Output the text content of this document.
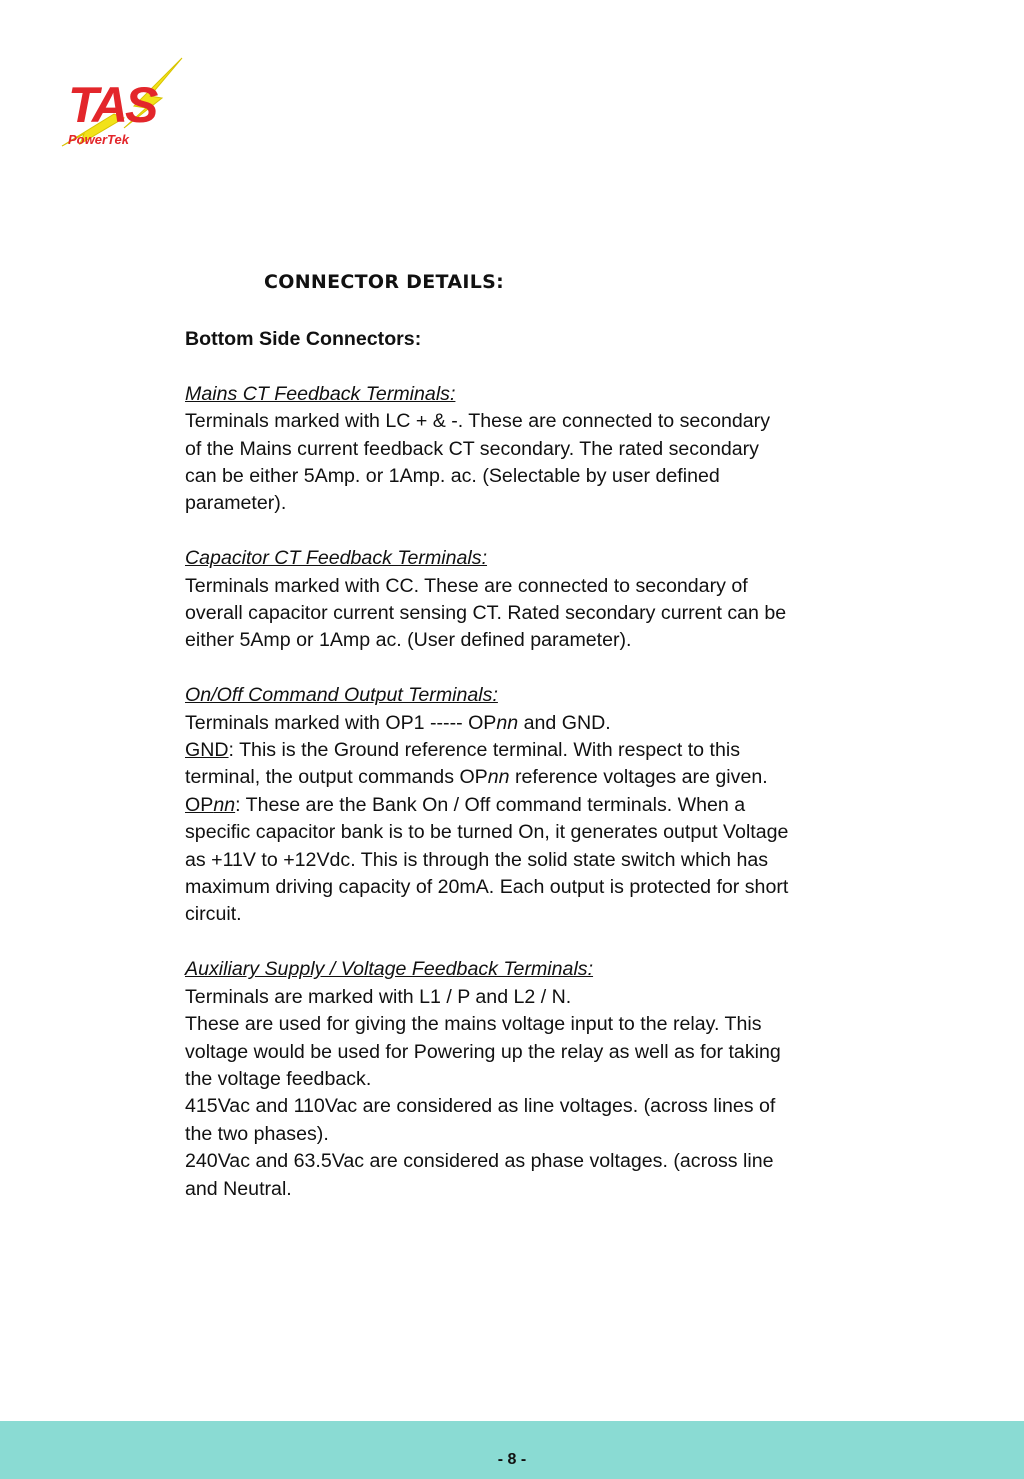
TAS
PowerTek
CONNECTOR DETAILS:

Bottom Side Connectors:

Mains CT Feedback Terminals:

Terminals marked with LC + & -. These are connected to secondary

of the Mains current feedback CT secondary. The rated secondary

can be either 5Amp. or 1Amp. ac. (Selectable by user defined

parameter).

Capacitor CT Feedback Terminals:

Terminals marked with CC. These are connected to secondary of

overall capacitor current sensing CT. Rated secondary current can be

either 5Amp or 1Amp ac. (User defined parameter).

On/Off Command Output Terminals:

Terminals marked with OP1 ----- OPnn and GND.

GND: This is the Ground reference terminal. With respect to this

terminal, the output commands OPnn reference voltages are given.

OPnn: These are the Bank On / Off command terminals. When a

specific capacitor bank is to be turned On, it generates output Voltage

as +11V to +12Vdc. This is through the solid state switch which has

maximum driving capacity of 20mA. Each output is protected for short

circuit.

Auxiliary Supply / Voltage Feedback Terminals:

Terminals are marked with L1 / P and L2 / N.

These are used for giving the mains voltage input to the relay. This

voltage would be used for Powering up the relay as well as for taking

the voltage feedback.

415Vac and 110Vac are considered as line voltages. (across lines of

the two phases).

240Vac and 63.5Vac are considered as phase voltages. (across line

and Neutral.

- 8 -
